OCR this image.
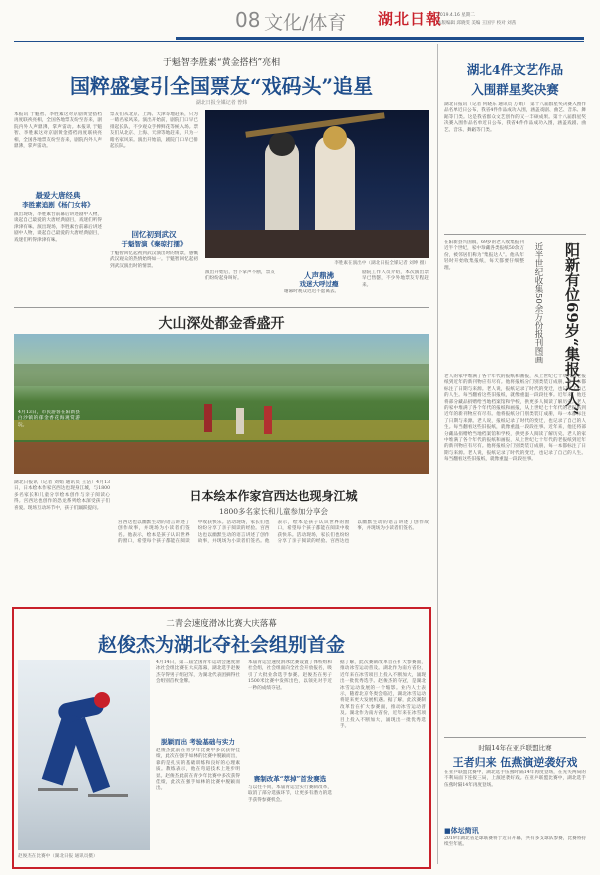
08 文化/体育 湖北日報
2019.4.16 星期二
本版编辑 邱晓雯 美编 王国宇 校对 刘茜
于魁智李胜素“黄金搭档”亮相
国粹盛宴引全国票友“戏码头”追星
湖北日报全媒记者 曾炜
本报讯 于魁智、李胜素这对京剧黄金搭档再度联袂亮相，全国各地票友纷至沓来，剧院内外人声鼎沸，掌声雷动。本报讯 于魁智、李胜素这对京剧黄金搭档再度联袂亮相，全国各地票友纷至沓来，剧院内外人声鼎沸，掌声雷动。
最爱大唐经典
李胜素追剧《杨门女将》
演出现场，李胜素台前幕后讲述剧中人物，谈起自己最爱的大唐经典剧目，戏迷们听得津津有味。演出现场，李胜素台前幕后讲述剧中人物，谈起自己最爱的大唐经典剧目，戏迷们听得津津有味。
票友们从北京、上海、天津等地赶来，只为一睹名家风采。演出开始前，剧院门口早已排起长队，不少观众手捧鲜花等候入场。票友们从北京、上海、天津等地赶来，只为一睹名家风采。演出开始前，剧院门口早已排起长队。
回忆初到武汉
于魁智演《秦琼打擂》
于魁智回忆起初到武汉演出时的情景，感慨武汉观众的热情始终如一。于魁智回忆起初到武汉演出时的情景。
李胜素在演出中（湖北日报全媒记者 刘坤 摄）
演出开始后，台下掌声不断，票友们纷纷起身叫好。	人声鼎沸
戏迷大呼过瘾
谢幕时观众迟迟不愿离去。
剧院工作人员介绍，本次演出票早已售罄，不少外地票友专程赶来。
湖北4件文艺作品
入围群星奖决赛
湖北日报讯（记者 何晓东 通讯员 万娟）　第十八届群星奖决赛入围作品名单近日公布，我省4件作品成功入围，涵盖戏剧、曲艺、音乐、舞蹈等门类。这是我省群众文艺创作的又一丰硕成果。第十八届群星奖决赛入围作品名单近日公布，我省4件作品成功入围，涵盖戏剧、曲艺、音乐、舞蹈等门类。
在阳新县兴国镇，69岁的老人收集报刊近半个世纪，家中珍藏各类报纸50余万份，被邻居们称为“集报达人”。他从年轻时开始收集报纸，每天都要仔细整理。	阳新有位69岁“集报达人”
近半世纪收集50余万份报刊图画
老人的家中堆满了各个年代的报纸和画报，从上世纪七十年代的老报纸到近年的新刊物应有尽有。他将报纸分门别类装订成册，每一本都标注了日期与来源。老人说，报纸记录了时代的变迁，也记录了自己的人生。每当翻看这些旧报纸，就像重温一段段往事。近年来，他还将部分藏品捐赠给当地档案馆和学校，供更多人阅读了解历史。老人的家中堆满了各个年代的报纸和画报，从上世纪七十年代的老报纸到近年的新刊物应有尽有。他将报纸分门别类装订成册，每一本都标注了日期与来源。老人说，报纸记录了时代的变迁，也记录了自己的人生。每当翻看这些旧报纸，就像重温一段段往事。近年来，他还将部分藏品捐赠给当地档案馆和学校，供更多人阅读了解历史。老人的家中堆满了各个年代的报纸和画报，从上世纪七十年代的老报纸到近年的新刊物应有尽有。他将报纸分门别类装订成册，每一本都标注了日期与来源。老人说，报纸记录了时代的变迁，也记录了自己的人生。每当翻看这些旧报纸，就像重温一段段往事。
大山深处都金香盛开
4月13日，市民游客在阳新县白沙镇的郁金香花海观赏游玩。
湖北日报讯（记者 刘娟 通讯员 王洁）4月13日，日本绘本作家宫西达也现身江城，与1800多名家长和儿童分享绘本创作与亲子阅读心得。宫西达也创作的恐龙系列绘本深受孩子们喜爱。现场互动环节中，孩子们踊跃提问。
日本绘本作家宫西达也现身江城
1800多名家长和儿童参加分享会
宫西达也以幽默生动的语言讲述了创作故事，并现场为小读者们签名。他表示，绘本是孩子认识世界的窗口，希望每个孩子都能在阅读中收获快乐。活动现场，家长们也纷纷分享了亲子阅读的经验。宫西达也以幽默生动的语言讲述了创作故事，并现场为小读者们签名。他表示，绘本是孩子认识世界的窗口，希望每个孩子都能在阅读中收获快乐。活动现场，家长们也纷纷分享了亲子阅读的经验。宫西达也以幽默生动的语言讲述了创作故事，并现场为小读者们签名。
二青会速度滑冰比赛大庆落幕
赵俊杰为湖北夺社会组别首金
赵俊杰在比赛中（湖北日报 通讯员摄）
4月14日，第二届全国青年运动会速度滑冰社会组比赛在大庆落幕，湖北选手赵俊杰夺得男子组冠军，为湖北代表团摘得社会组别首枚金牌。
脱颖而出 考验基础与实力
赵俊杰此前在青少年比赛中多次获得佳绩，此次在强手如林的比赛中脱颖而出，靠的是扎实的基础训练和良好的心理素质。教练表示，他在弯道技术上进步明显。赵俊杰此前在青少年比赛中多次获得佳绩，此次在强手如林的比赛中脱颖而出。
本届青运会速度滑冰比赛设置了体校组和社会组，社会组面向全社会开放报名，吸引了大批业余选手参赛。赵俊杰在男子1500米比赛中发挥出色，以领先对手近一秒的成绩夺冠。
赛制改革“萃掉”首发赛选
与以往不同，本届青运会实行赛制改革，取消了部分选拔环节，让更多有潜力的选手获得参赛机会。
据了解，此次赛制改革旨在扩大参赛面，推动冰雪运动普及。湖北作为南方省份，近年来在冰雪项目上投入不断加大，涌现出一批优秀选手。赵俊杰的夺冠，是湖北冰雪运动发展的一个缩影。业内人士表示，随着北京冬奥会临近，湖北冰雪运动将迎来更大发展机遇。据了解，此次赛制改革旨在扩大参赛面，推动冰雪运动普及。湖北作为南方省份，近年来在冰雪项目上投入不断加大，涌现出一批优秀选手。
时隔14年在亚乒联盟比赛
王者归来 伍燕演逆袭好戏
在亚乒联盟比赛中，湖北选手伍燕时隔14年再度登场，在先失两局的不利局面下连扳三局，上演逆袭好戏。在亚乒联盟比赛中，湖北选手伍燕时隔14年再度登场。
■体坛简讯
2019年湖北省足球联赛将于近日开幕，共有多支球队参赛，比赛将持续至年底。
